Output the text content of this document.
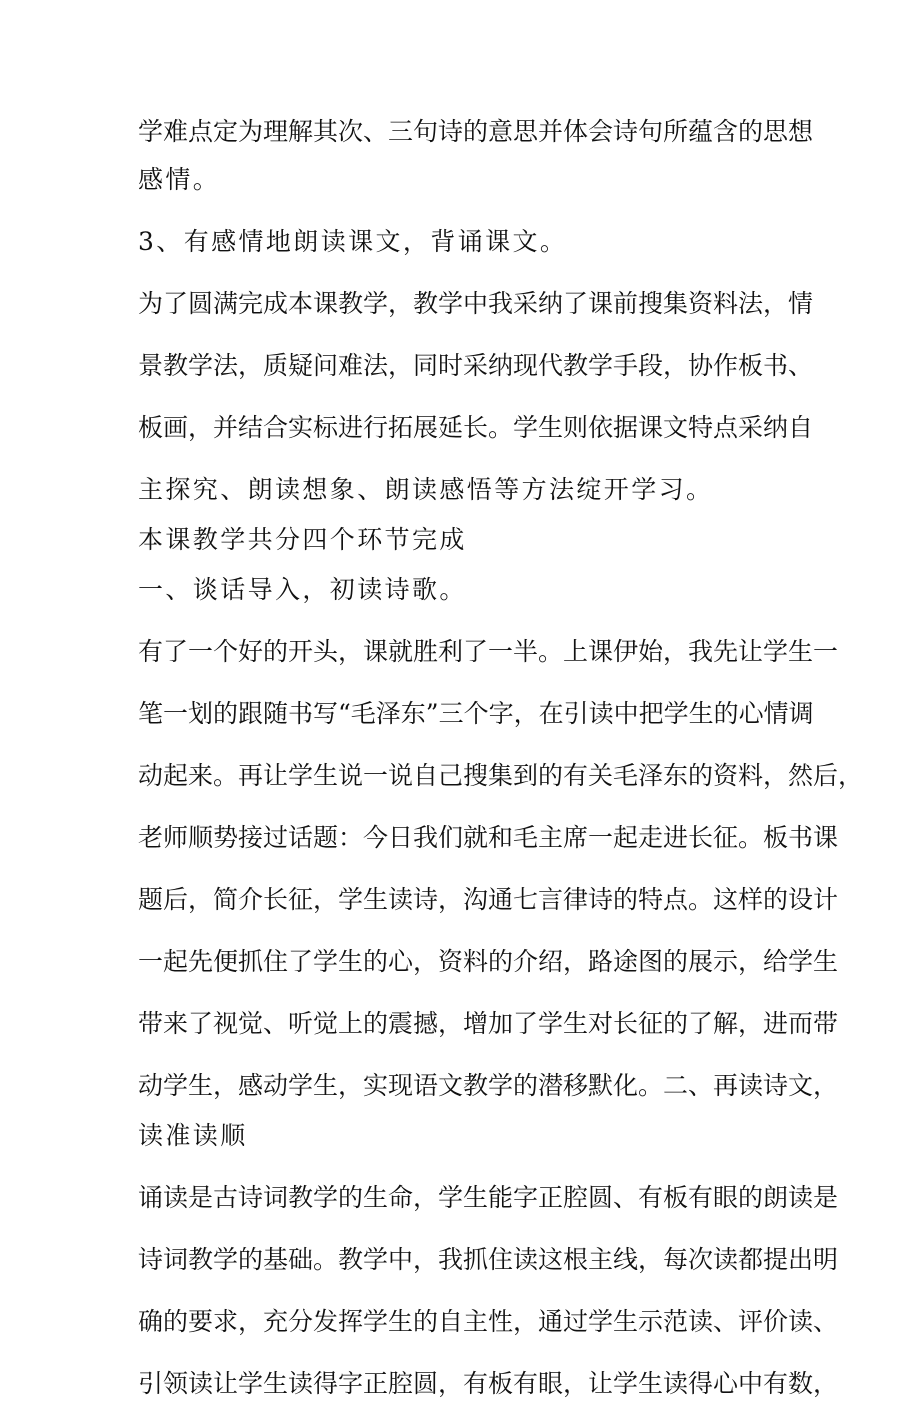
学难点定为理解其次、三句诗的意思并体会诗句所蕴含的思想
感情。
3、有感情地朗读课文，背诵课文。
为了圆满完成本课教学，教学中我采纳了课前搜集资料法，情
景教学法，质疑问难法，同时采纳现代教学手段，协作板书、
板画，并结合实标进行拓展延长。学生则依据课文特点采纳自
主探究、朗读想象、朗读感悟等方法绽开学习。
本课教学共分四个环节完成
一、谈话导入，初读诗歌。
有了一个好的开头，课就胜利了一半。上课伊始，我先让学生一
笔一划的跟随书写“毛泽东”三个字，在引读中把学生的心情调
动起来。再让学生说一说自己搜集到的有关毛泽东的资料，然后，
老师顺势接过话题：今日我们就和毛主席一起走进长征。板书课
题后，简介长征，学生读诗，沟通七言律诗的特点。这样的设计
一起先便抓住了学生的心，资料的介绍，路途图的展示，给学生
带来了视觉、听觉上的震撼，增加了学生对长征的了解，进而带
动学生，感动学生，实现语文教学的潜移默化。二、再读诗文，
读准读顺
诵读是古诗词教学的生命，学生能字正腔圆、有板有眼的朗读是
诗词教学的基础。教学中，我抓住读这根主线，每次读都提出明
确的要求，充分发挥学生的自主性，通过学生示范读、评价读、
引领读让学生读得字正腔圆，有板有眼，让学生读得心中有数，
